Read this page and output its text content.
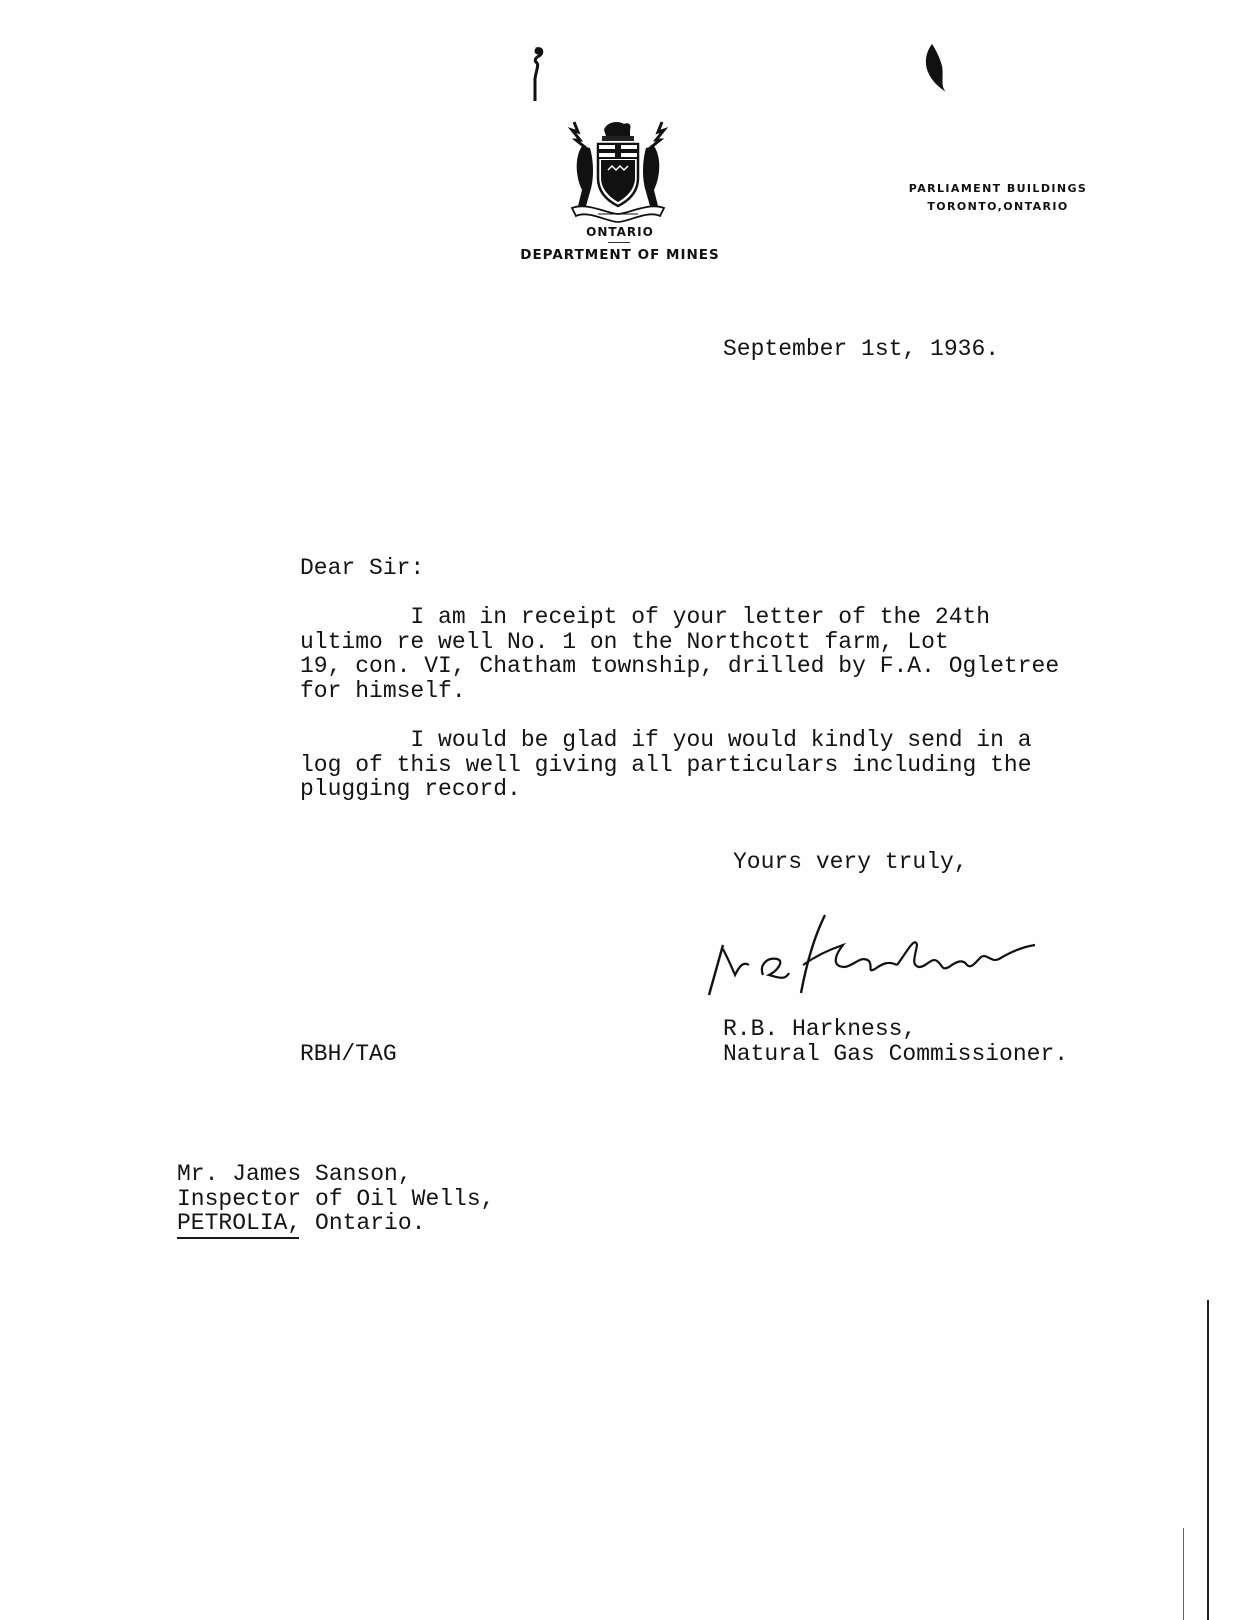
ONTARIO
DEPARTMENT OF MINES
PARLIAMENT BUILDINGS
TORONTO,ONTARIO
September 1st, 1936.
Dear Sir:
I am in receipt of your letter of the 24th
ultimo re well No. 1 on the Northcott farm, Lot
19, con. VI, Chatham township, drilled by F.A. Ogletree
for himself.
I would be glad if you would kindly send in a
log of this well giving all particulars including the
plugging record.
Yours very truly,
R.B. Harkness,
Natural Gas Commissioner.
RBH/TAG
Mr. James Sanson,
Inspector of Oil Wells,
PETROLIA, Ontario.
